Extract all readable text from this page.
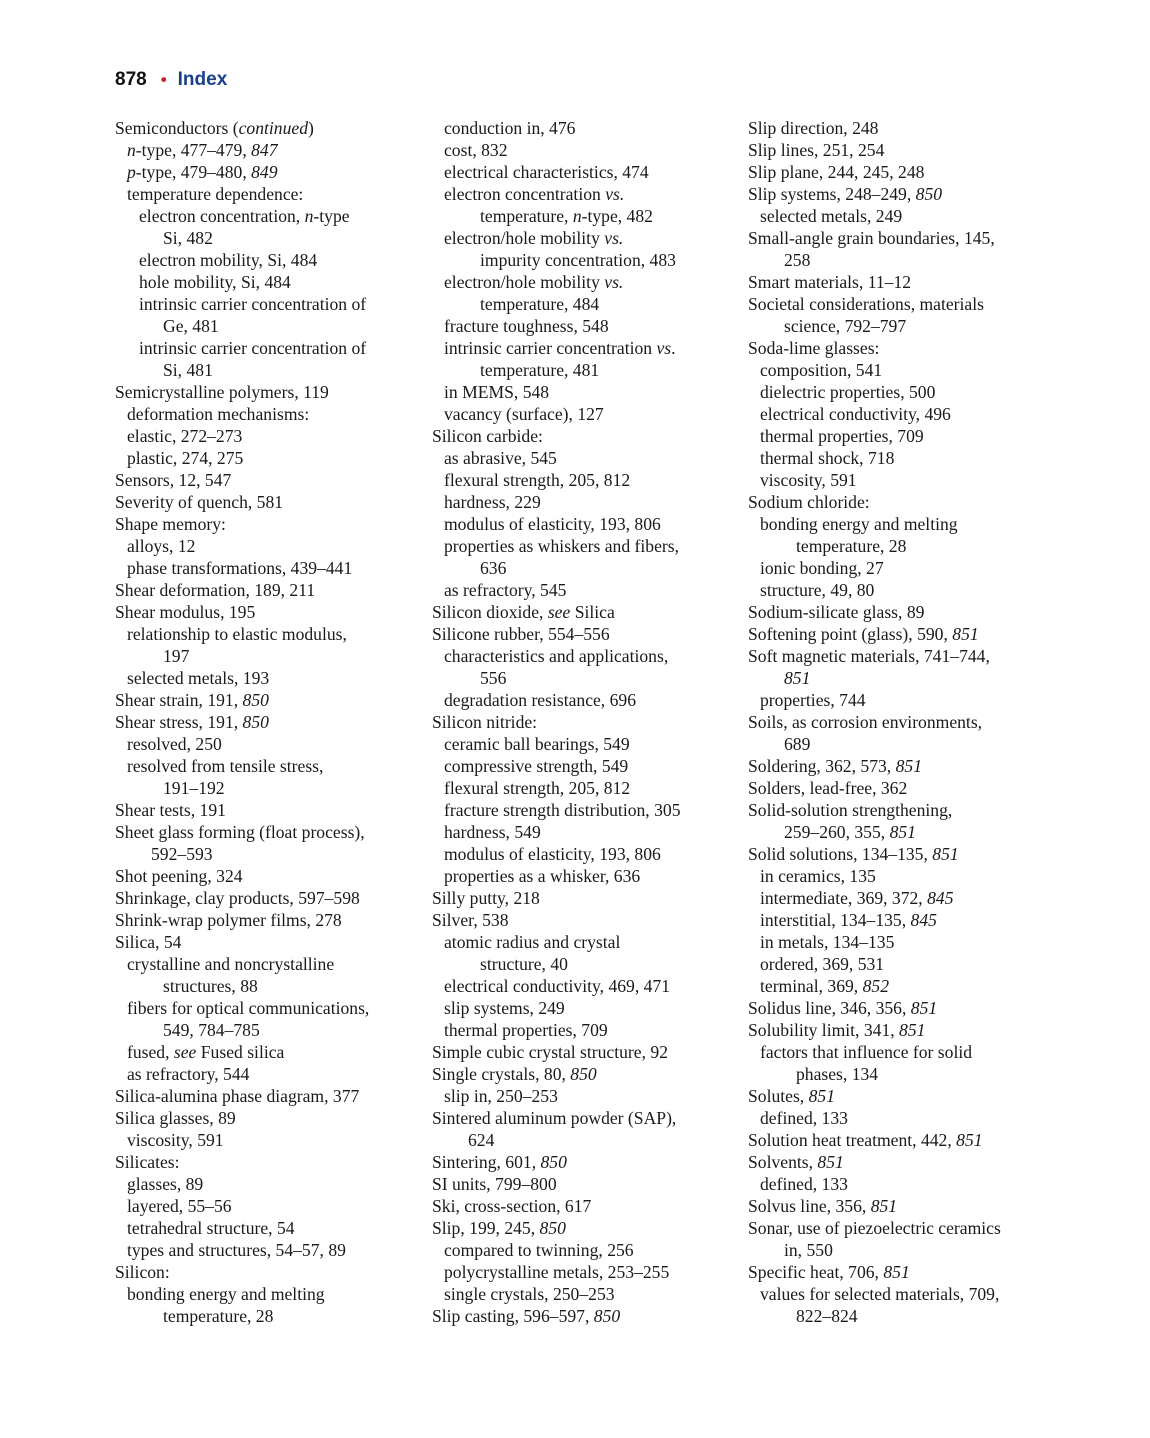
878 • Index
Semiconductors (continued)
n-type, 477–479, 847
p-type, 479–480, 849
temperature dependence:
electron concentration, n-type
Si, 482
electron mobility, Si, 484
hole mobility, Si, 484
intrinsic carrier concentration of
Ge, 481
intrinsic carrier concentration of
Si, 481
Semicrystalline polymers, 119
deformation mechanisms:
elastic, 272–273
plastic, 274, 275
Sensors, 12, 547
Severity of quench, 581
Shape memory:
alloys, 12
phase transformations, 439–441
Shear deformation, 189, 211
Shear modulus, 195
relationship to elastic modulus,
197
selected metals, 193
Shear strain, 191, 850
Shear stress, 191, 850
resolved, 250
resolved from tensile stress,
191–192
Shear tests, 191
Sheet glass forming (float process),
592–593
Shot peening, 324
Shrinkage, clay products, 597–598
Shrink-wrap polymer films, 278
Silica, 54
crystalline and noncrystalline
structures, 88
fibers for optical communications,
549, 784–785
fused, see Fused silica
as refractory, 544
Silica-alumina phase diagram, 377
Silica glasses, 89
viscosity, 591
Silicates:
glasses, 89
layered, 55–56
tetrahedral structure, 54
types and structures, 54–57, 89
Silicon:
bonding energy and melting
temperature, 28
conduction in, 476
cost, 832
electrical characteristics, 474
electron concentration vs.
temperature, n-type, 482
electron/hole mobility vs.
impurity concentration, 483
electron/hole mobility vs.
temperature, 484
fracture toughness, 548
intrinsic carrier concentration vs.
temperature, 481
in MEMS, 548
vacancy (surface), 127
Silicon carbide:
as abrasive, 545
flexural strength, 205, 812
hardness, 229
modulus of elasticity, 193, 806
properties as whiskers and fibers,
636
as refractory, 545
Silicon dioxide, see Silica
Silicone rubber, 554–556
characteristics and applications,
556
degradation resistance, 696
Silicon nitride:
ceramic ball bearings, 549
compressive strength, 549
flexural strength, 205, 812
fracture strength distribution, 305
hardness, 549
modulus of elasticity, 193, 806
properties as a whisker, 636
Silly putty, 218
Silver, 538
atomic radius and crystal
structure, 40
electrical conductivity, 469, 471
slip systems, 249
thermal properties, 709
Simple cubic crystal structure, 92
Single crystals, 80, 850
slip in, 250–253
Sintered aluminum powder (SAP),
624
Sintering, 601, 850
SI units, 799–800
Ski, cross-section, 617
Slip, 199, 245, 850
compared to twinning, 256
polycrystalline metals, 253–255
single crystals, 250–253
Slip casting, 596–597, 850
Slip direction, 248
Slip lines, 251, 254
Slip plane, 244, 245, 248
Slip systems, 248–249, 850
selected metals, 249
Small-angle grain boundaries, 145,
258
Smart materials, 11–12
Societal considerations, materials
science, 792–797
Soda-lime glasses:
composition, 541
dielectric properties, 500
electrical conductivity, 496
thermal properties, 709
thermal shock, 718
viscosity, 591
Sodium chloride:
bonding energy and melting
temperature, 28
ionic bonding, 27
structure, 49, 80
Sodium-silicate glass, 89
Softening point (glass), 590, 851
Soft magnetic materials, 741–744,
851
properties, 744
Soils, as corrosion environments,
689
Soldering, 362, 573, 851
Solders, lead-free, 362
Solid-solution strengthening,
259–260, 355, 851
Solid solutions, 134–135, 851
in ceramics, 135
intermediate, 369, 372, 845
interstitial, 134–135, 845
in metals, 134–135
ordered, 369, 531
terminal, 369, 852
Solidus line, 346, 356, 851
Solubility limit, 341, 851
factors that influence for solid
phases, 134
Solutes, 851
defined, 133
Solution heat treatment, 442, 851
Solvents, 851
defined, 133
Solvus line, 356, 851
Sonar, use of piezoelectric ceramics
in, 550
Specific heat, 706, 851
values for selected materials, 709,
822–824
